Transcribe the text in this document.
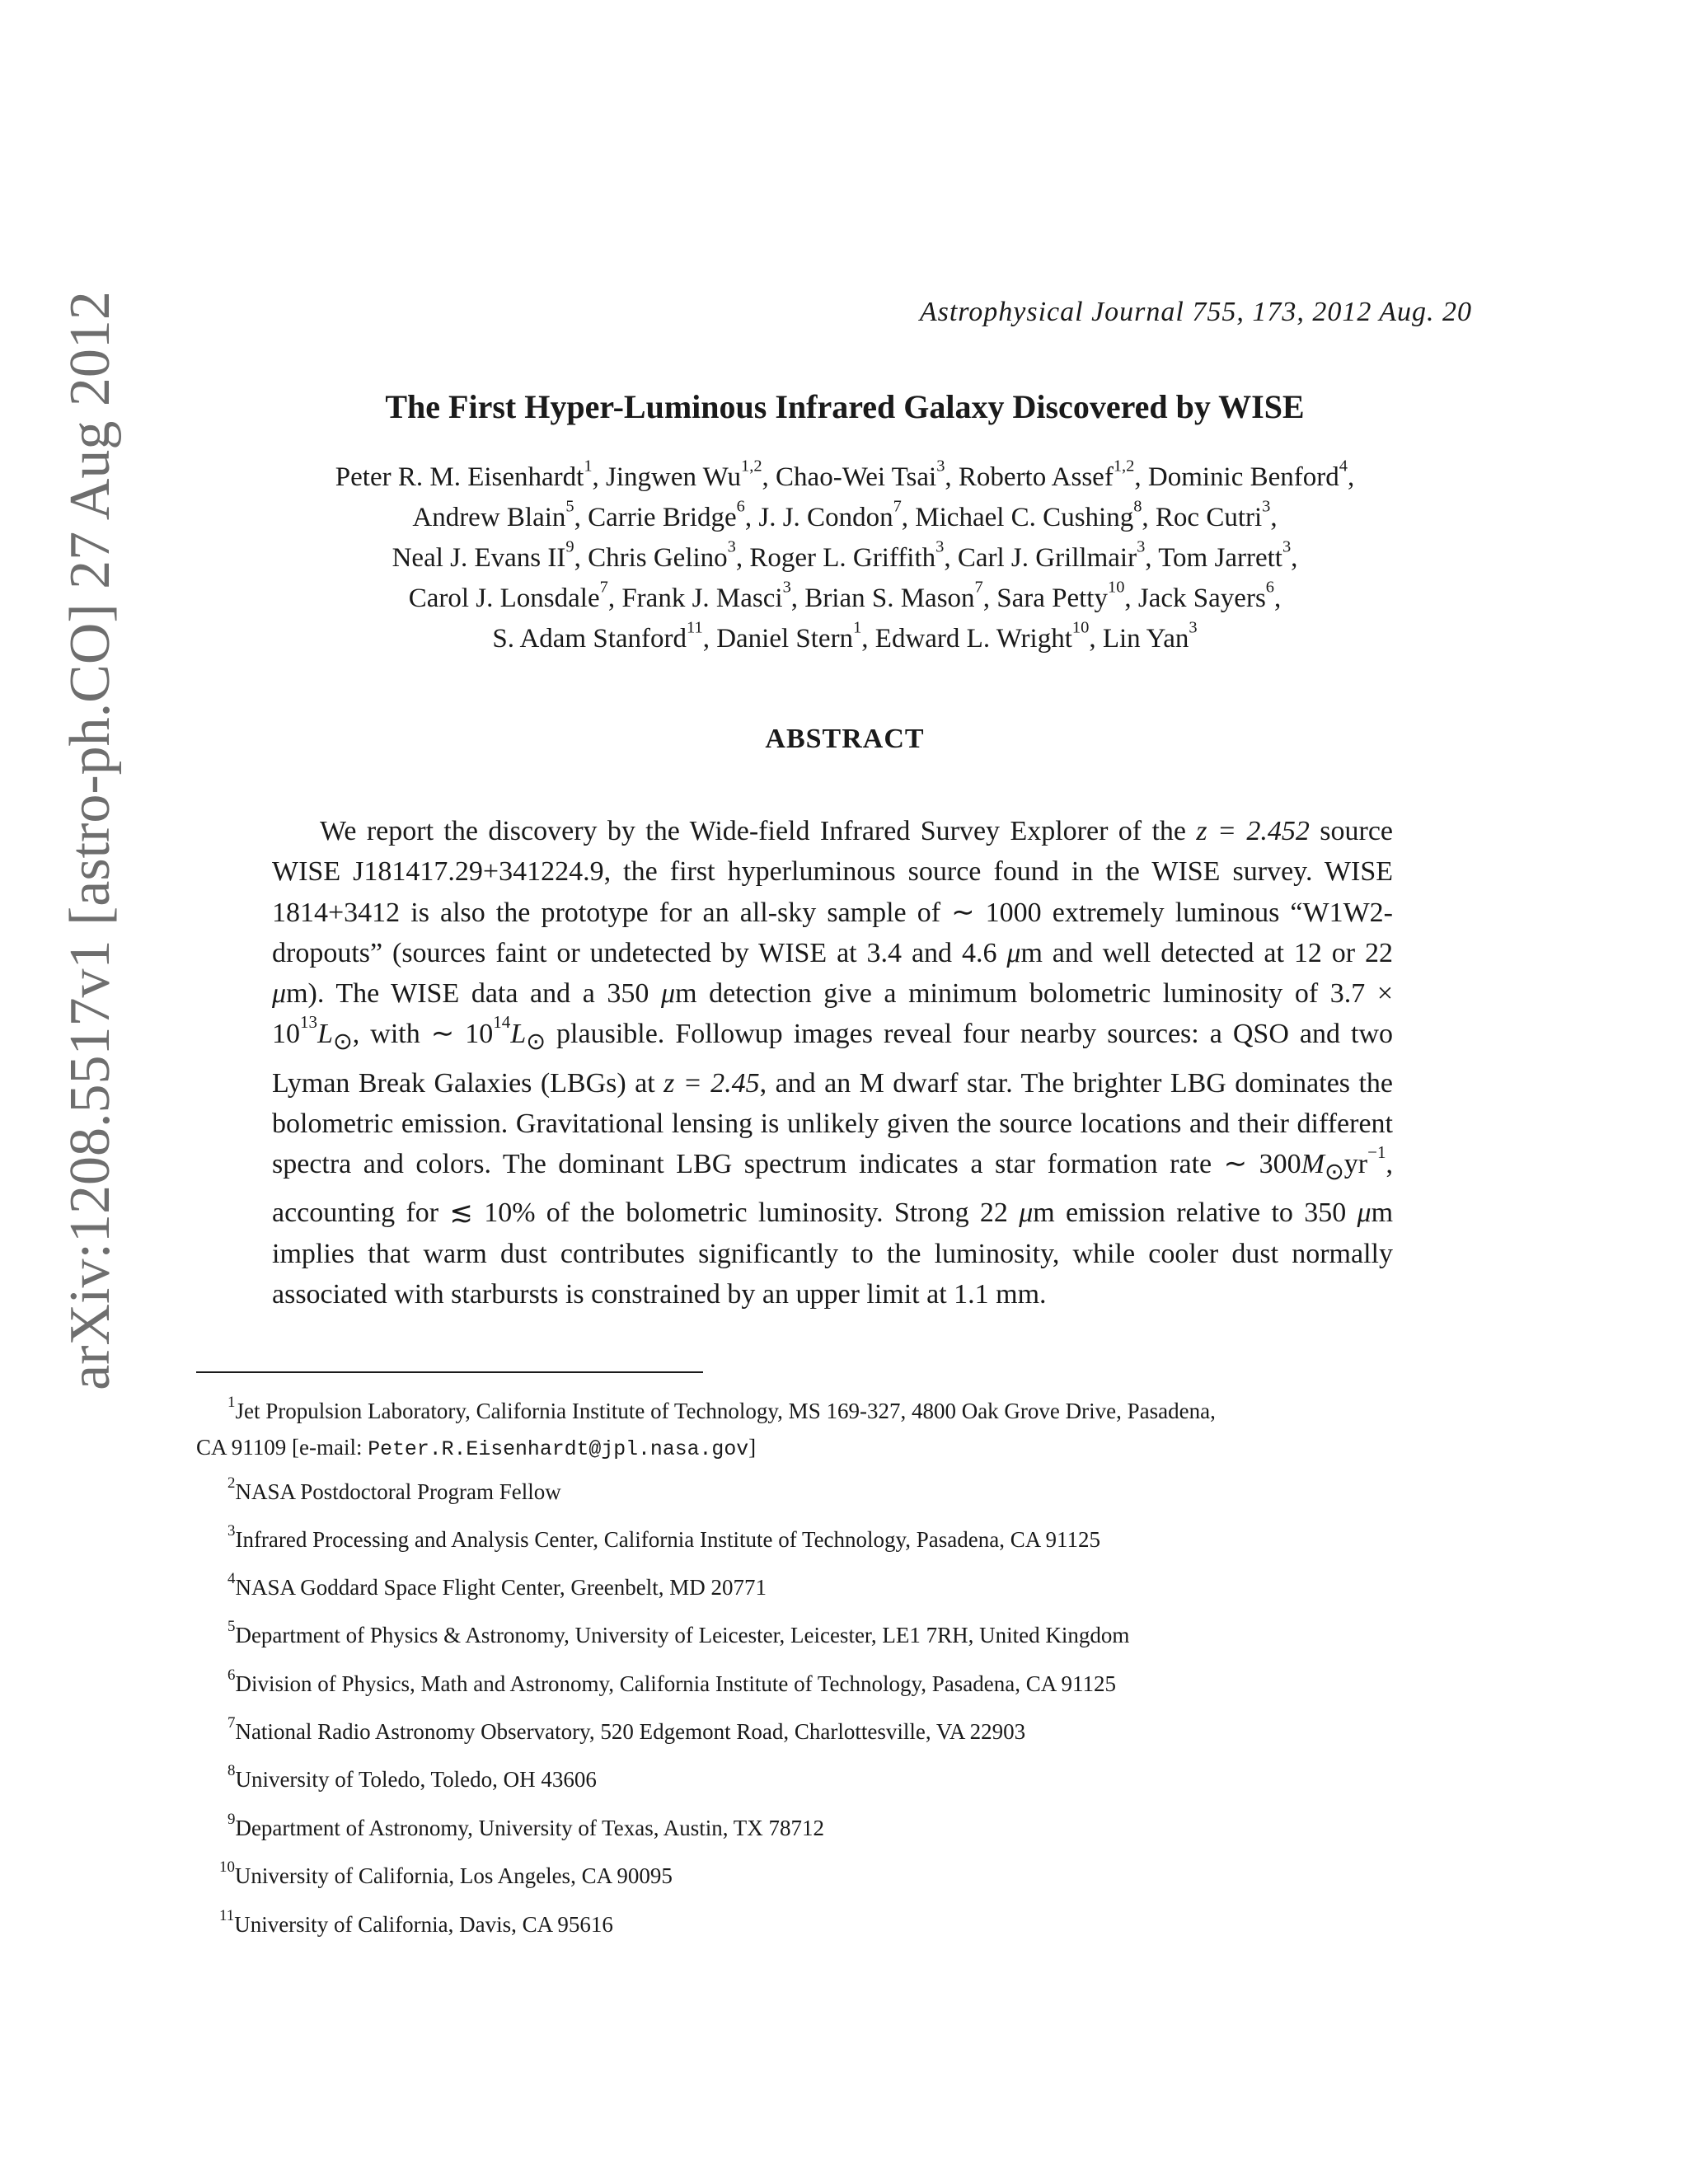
arXiv:1208.5517v1 [astro-ph.CO] 27 Aug 2012	Astrophysical Journal 755, 173, 2012 Aug. 20
The First Hyper-Luminous Infrared Galaxy Discovered by WISE
Peter R. M. Eisenhardt$^1$, Jingwen Wu$^{1,2}$, Chao-Wei Tsai$^3$, Roberto Assef$^{1,2}$, Dominic Benford$^4$,
Andrew Blain$^5$, Carrie Bridge$^6$, J. J. Condon$^7$, Michael C. Cushing$^8$, Roc Cutri$^3$,
Neal J. Evans $II^9$, Chris Gelino$^3$, Roger L. Griffith$^3$, Carl J. Grillmair$^3$, Tom Jarrett$^3$,
Carol J. Lonsdale$^7$, Frank J. Masci$^3$, Brian S. Mason$^7$, Sara Petty$^{10}$, Jack Sayers$^6$,
S. Adam Stanford$^{11}$, Daniel Stern$^1$, Edward L. Wright$^{10}$, Lin Yan$^3$
ABSTRACT

We report the discovery by the Wide-field Infrared Survey Explorer of the z = 2.452 source WISE J181417.29+341224.9, the first hyperluminous source found in the WISE survey. WISE 1814+3412 is also the prototype for an all-sky sample of ∼ 1000 extremely luminous “W1W2-dropouts” (sources faint or undetected by WISE at 3.4 and 4.6 μm and well detected at 12 or 22 μm). The WISE data and a 350 μm detection give a minimum bolometric luminosity of $3.7 \times 10^{13}L_⊙$, with ∼ $10^{14}L_⊙$ plausible. Followup images reveal four nearby sources: a QSO and two Lyman Break Galaxies (LBGs) at z = 2.45, and an M dwarf star. The brighter LBG dominates the bolometric emission. Gravitational lensing is unlikely given the source locations and their different spectra and colors. The dominant LBG spectrum indicates a star formation rate ∼ $300M_⊙yr^{-1}$, accounting for ≲ 10% of the bolometric luminosity. Strong 22 μm emission relative to 350 μm implies that warm dust contributes significantly to the luminosity, while cooler dust normally associated with starbursts is constrained by an upper limit at 1.1 mm.

$^1$Jet Propulsion Laboratory, California Institute of Technology, MS 169-327, 4800 Oak Grove Drive, Pasadena,
CA 91109 [e-mail: Peter.R.Eisenhardt@jpl.nasa.gov]

$^2$NASA Postdoctoral Program Fellow

$^3$Infrared Processing and Analysis Center, California Institute of Technology, Pasadena, CA 91125

$^4$NASA Goddard Space Flight Center, Greenbelt, MD 20771

$^5$Department of Physics & Astronomy, University of Leicester, Leicester, LE1 7RH, United Kingdom

$^6$Division of Physics, Math and Astronomy, California Institute of Technology, Pasadena, CA 91125

$^7$National Radio Astronomy Observatory, 520 Edgemont Road, Charlottesville, VA 22903

$^8$University of Toledo, Toledo, OH 43606

$^9$Department of Astronomy, University of Texas, Austin, TX 78712

$^{10}$University of California, Los Angeles, CA 90095

$^{11}$University of California, Davis, CA 95616
